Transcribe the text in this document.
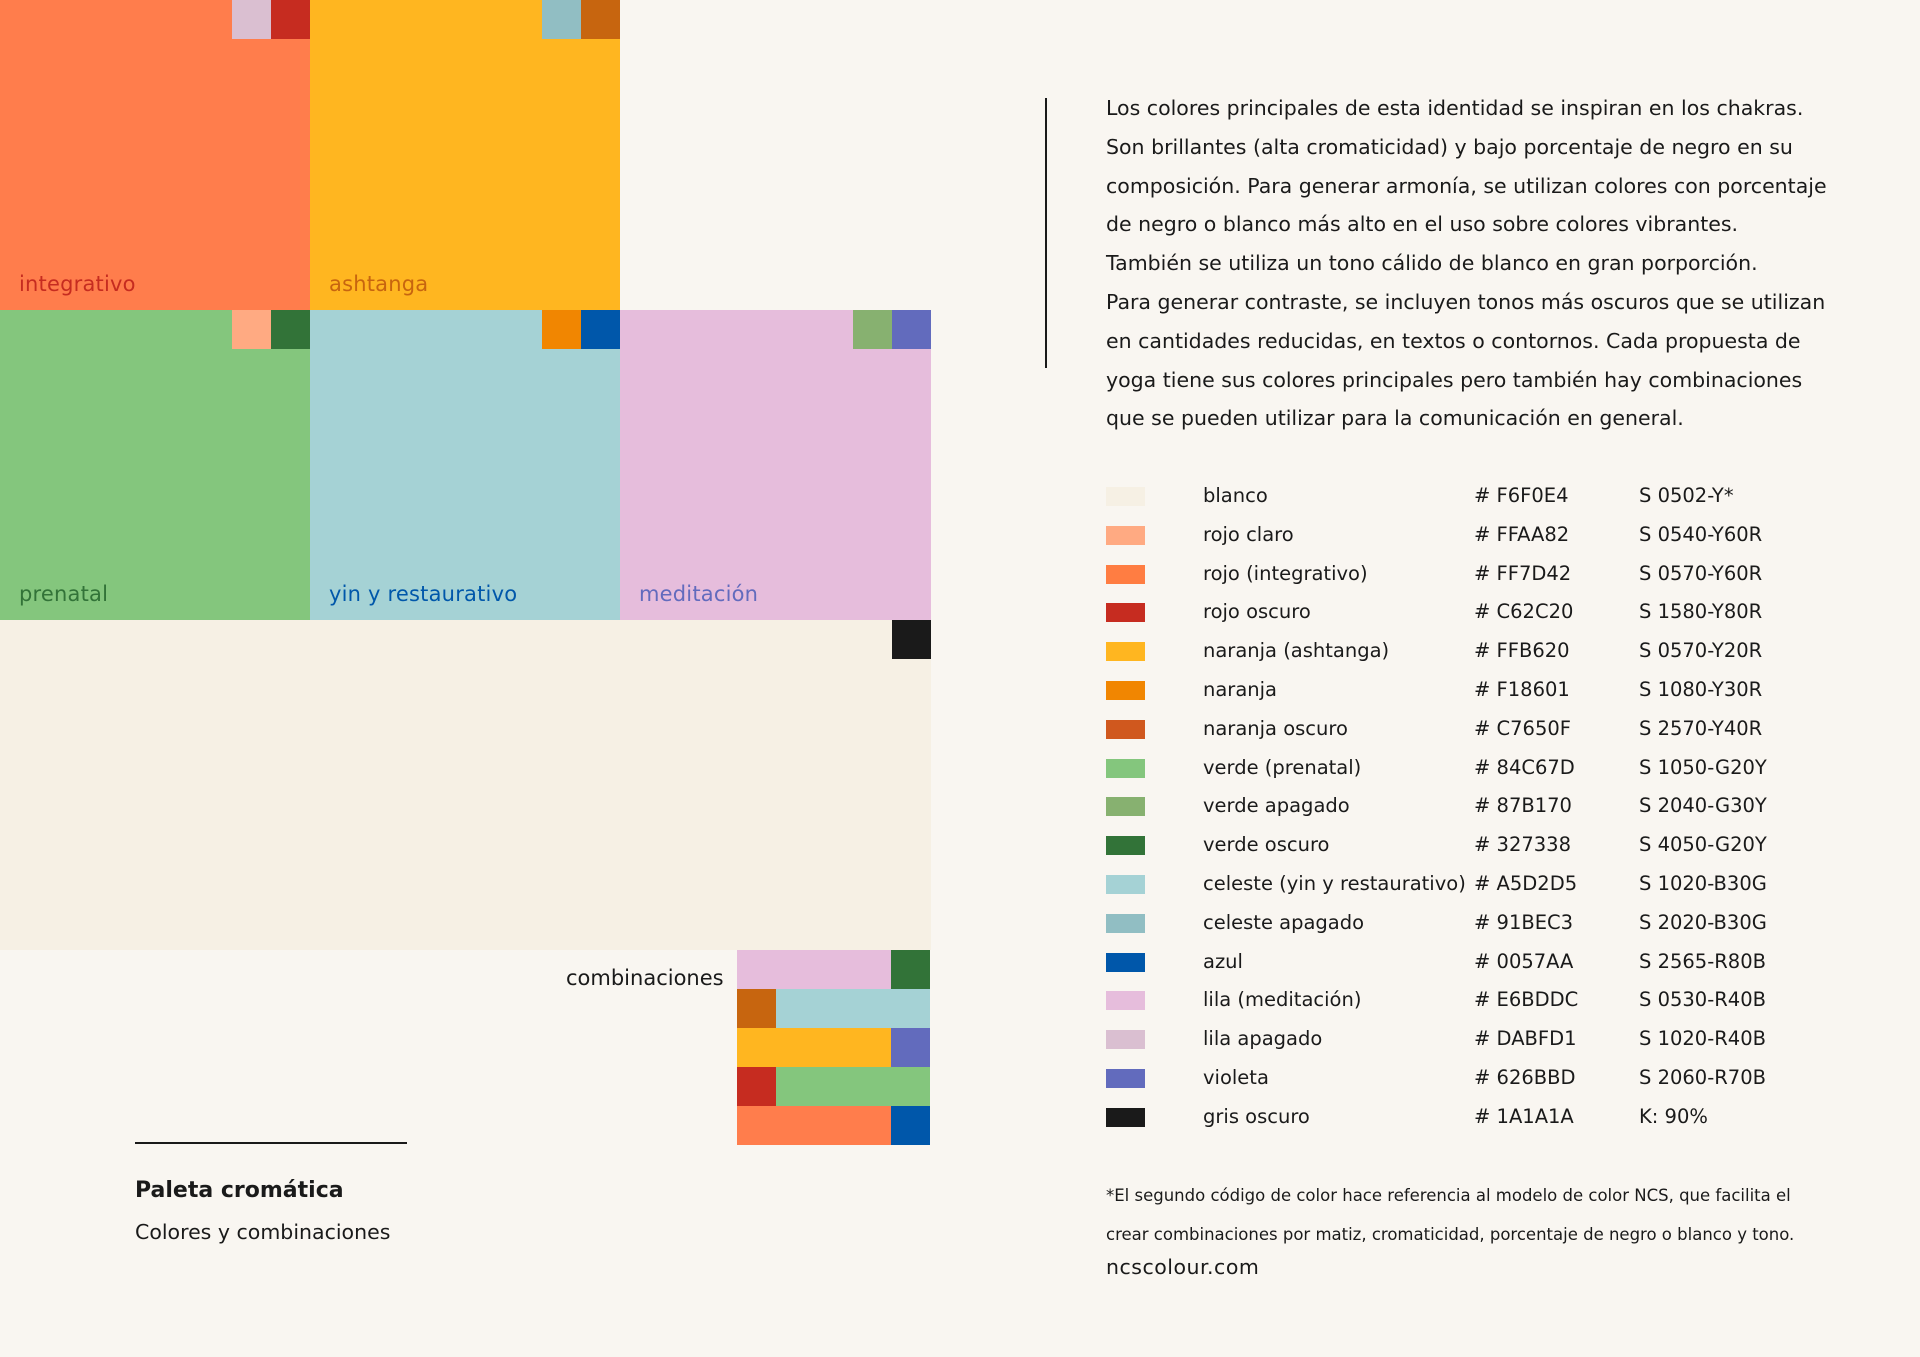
integrativo	ashtanga
prenatal	yin y restaurativo	meditación
combinaciones

Los colores principales de esta identidad se inspiran en los chakras.
Son brillantes (alta cromaticidad) y bajo porcentaje de negro en su
composición. Para generar armonía, se utilizan colores con porcentaje
de negro o blanco más alto en el uso sobre colores vibrantes.
También se utiliza un tono cálido de blanco en gran porporción.
Para generar contraste, se incluyen tonos más oscuros que se utilizan
en cantidades reducidas, en textos o contornos. Cada propuesta de
yoga tiene sus colores principales pero también hay combinaciones
que se pueden utilizar para la comunicación en general.

blanco	# F6F0E4	S 0502-Y*
rojo claro	# FFAA82	S 0540-Y60R
rojo (integrativo)	# FF7D42	S 0570-Y60R
rojo oscuro	# C62C20	S 1580-Y80R
naranja (ashtanga)	# FFB620	S 0570-Y20R
naranja	# F18601	S 1080-Y30R
naranja oscuro	# C7650F	S 2570-Y40R
verde (prenatal)	# 84C67D	S 1050-G20Y
verde apagado	# 87B170	S 2040-G30Y
verde oscuro	# 327338	S 4050-G20Y
celeste (yin y restaurativo) # A5D2D5	S 1020-B30G
celeste apagado	# 91BEC3	S 2020-B30G
azul	# 0057AA	S 2565-R80B
lila (meditación)	# E6BDDC	S 0530-R40B
lila apagado	# DABFD1	S 1020-R40B
violeta	# 626BBD	S 2060-R70B
gris oscuro	# 1A1A1A	K: 90%
*El segundo código de color hace referencia al modelo de color NCS, que facilita el
crear combinaciones por matiz, cromaticidad, porcentaje de negro o blanco y tono.
ncscolour.com
Paleta cromática
Colores y combinaciones
